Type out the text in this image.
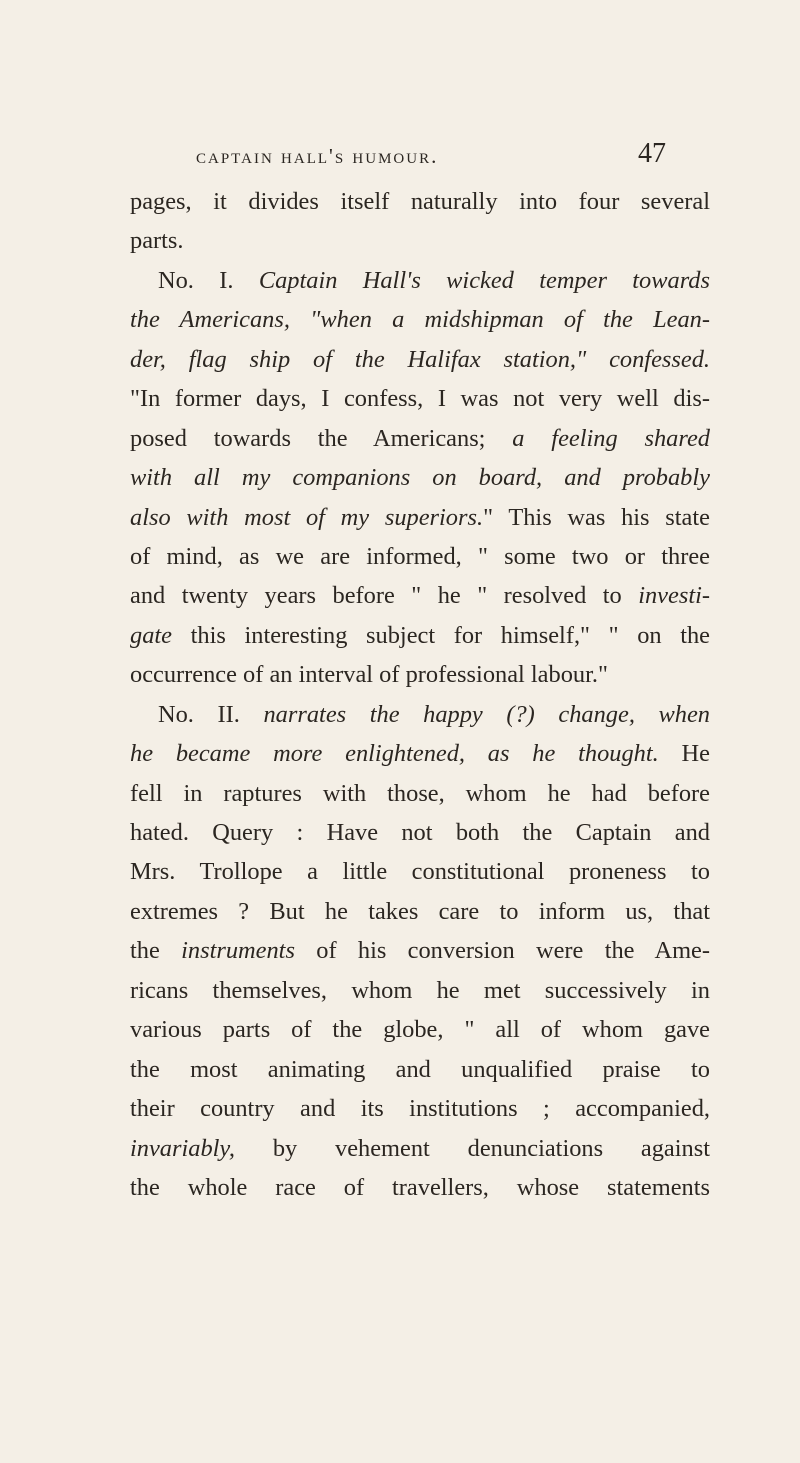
captain hall's humour.	47
pages, it divides itself naturally into four several
parts.
No. I. Captain Hall's wicked temper towards
the Americans, "when a midshipman of the Lean-
der, flag ship of the Halifax station," confessed.
"In former days, I confess, I was not very well dis-
posed towards the Americans; a feeling shared
with all my companions on board, and probably
also with most of my superiors." This was his state
of mind, as we are informed, " some two or three
and twenty years before " he " resolved to investi-
gate this interesting subject for himself," " on the
occurrence of an interval of professional labour."
No. II. narrates the happy (?) change, when
he became more enlightened, as he thought. He
fell in raptures with those, whom he had before
hated. Query : Have not both the Captain and
Mrs. Trollope a little constitutional proneness to
extremes ? But he takes care to inform us, that
the instruments of his conversion were the Ame-
ricans themselves, whom he met successively in
various parts of the globe, " all of whom gave
the most animating and unqualified praise to
their country and its institutions ; accompanied,
invariably, by vehement denunciations against
the whole race of travellers, whose statements
